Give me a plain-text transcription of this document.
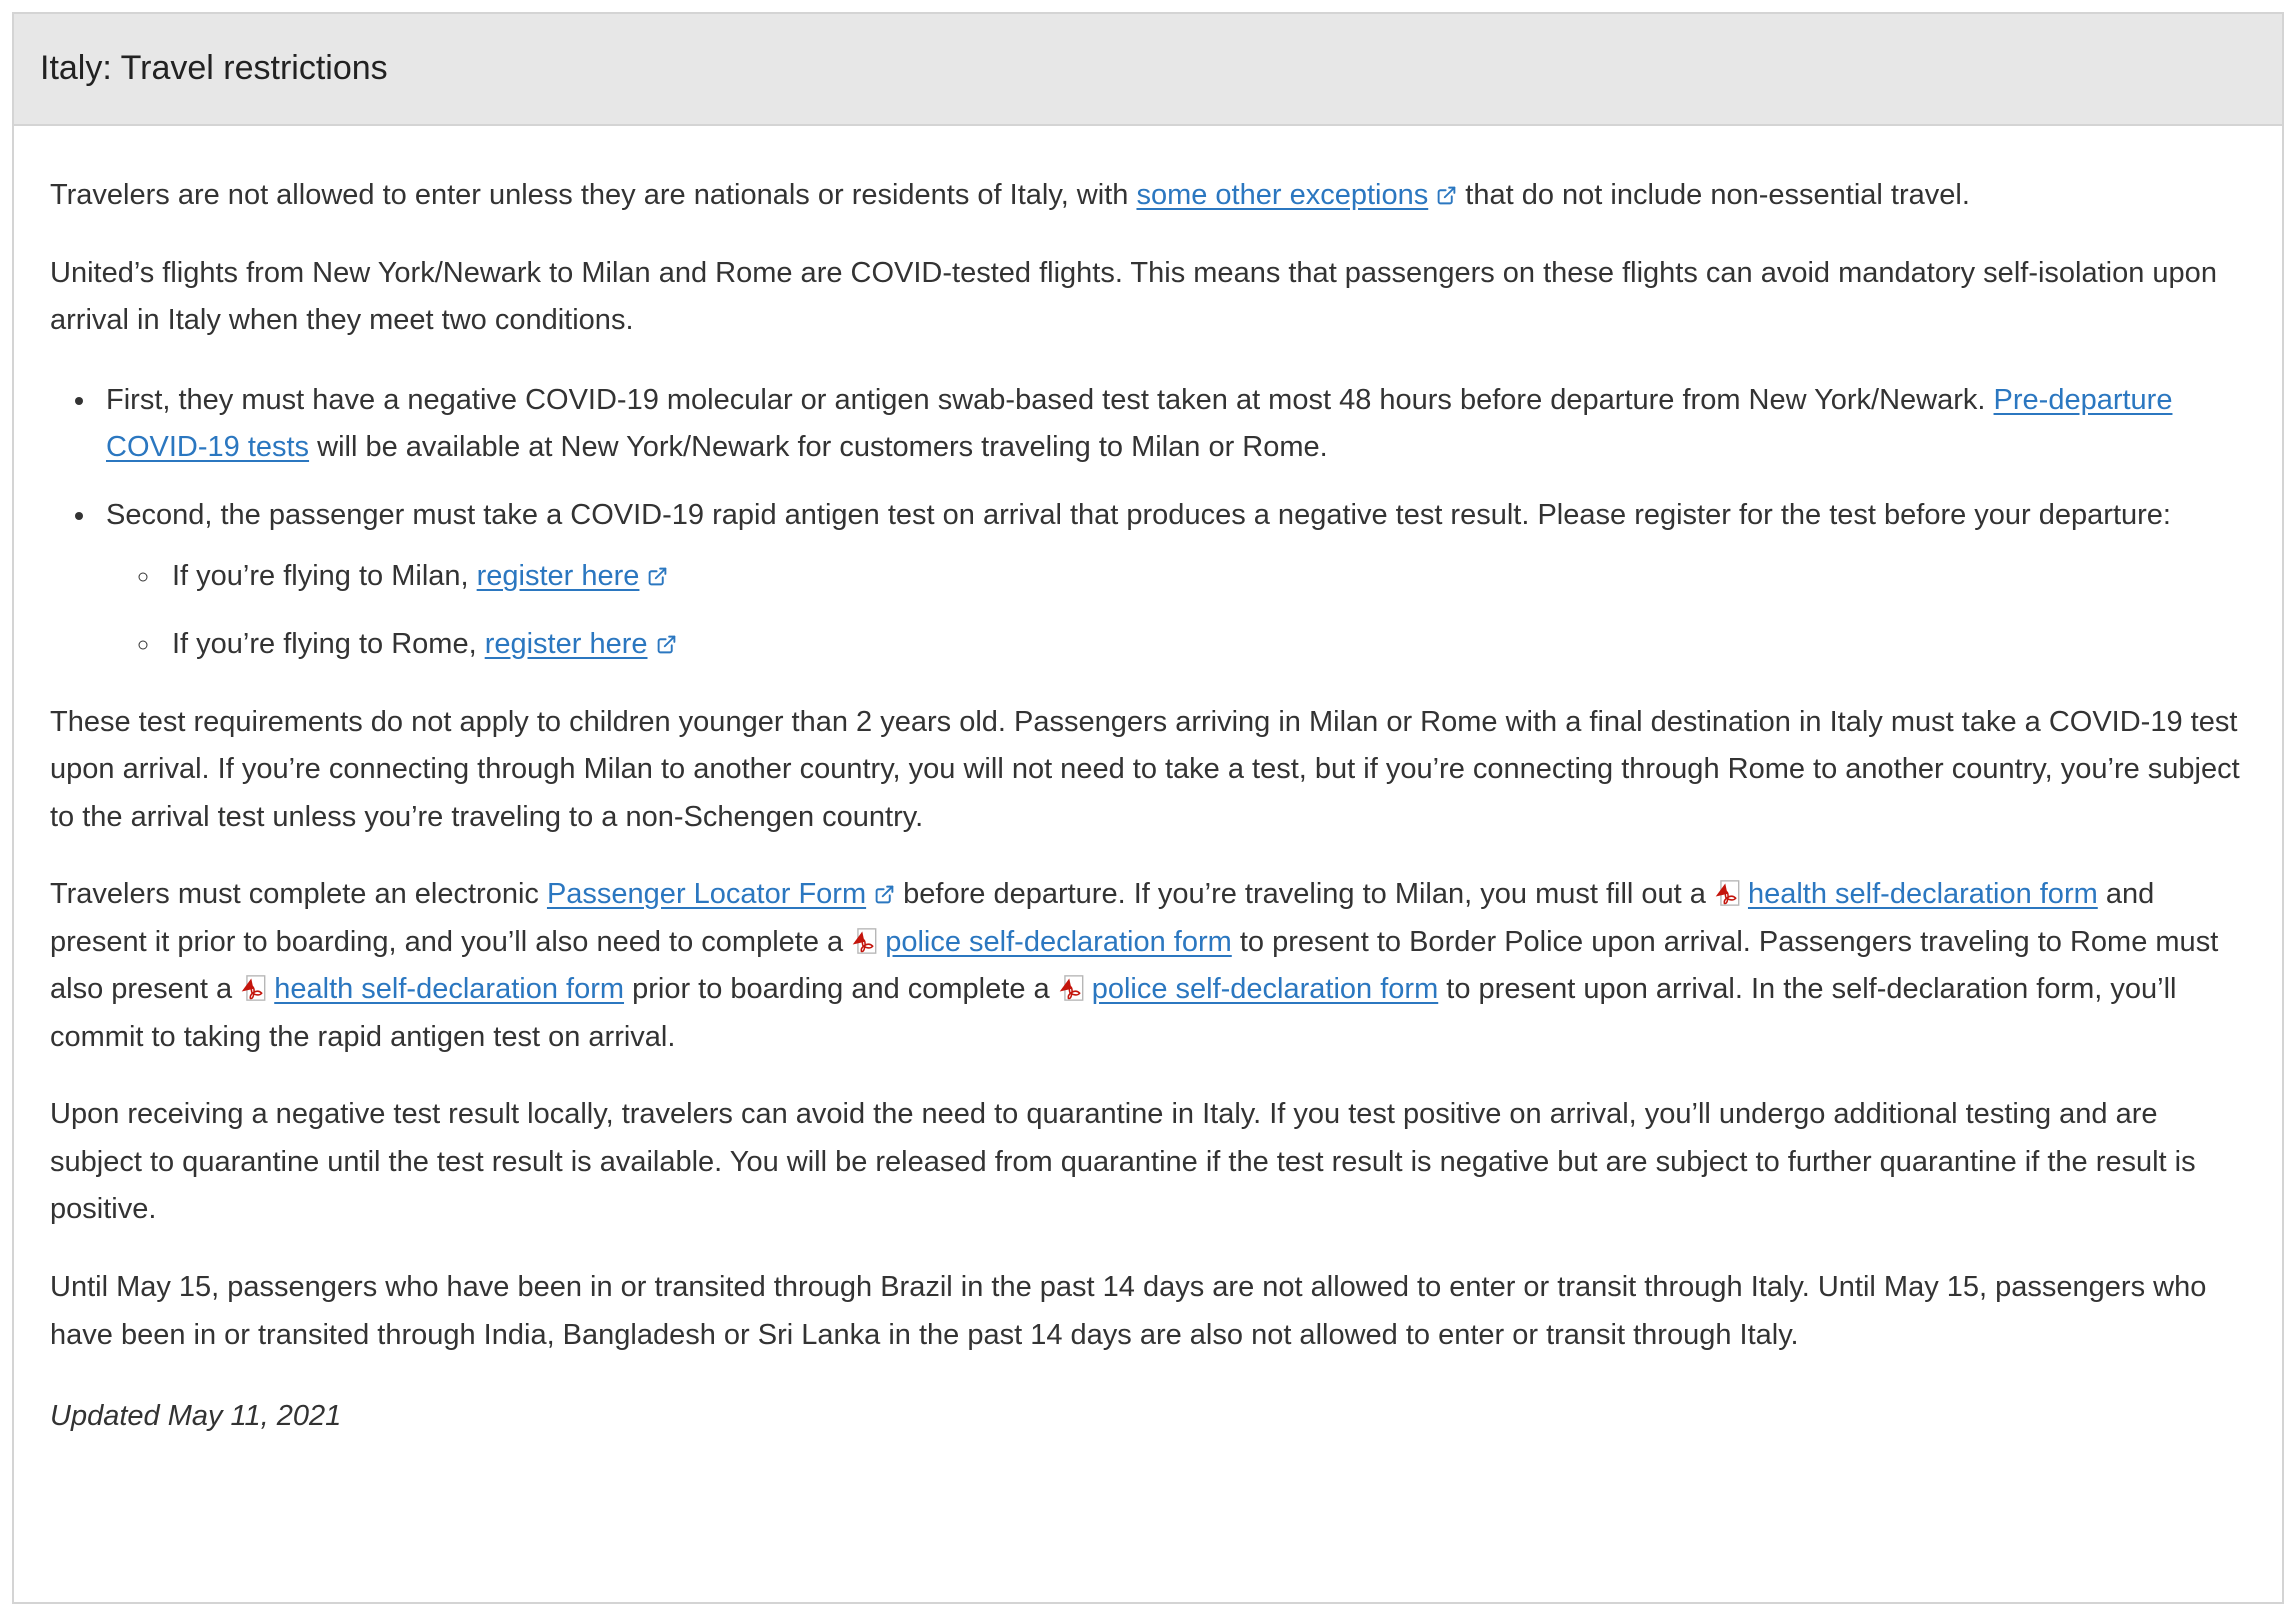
Italy: Travel restrictions

Travelers are not allowed to enter unless they are nationals or residents of Italy, with some other exceptions that do not include non-essential travel.

United’s flights from New York/Newark to Milan and Rome are COVID-tested flights. This means that passengers on these flights can avoid mandatory self-isolation upon arrival in Italy when they meet two conditions.

• First, they must have a negative COVID-19 molecular or antigen swab-based test taken at most 48 hours before departure from New York/Newark. Pre-departure COVID-19 tests will be available at New York/Newark for customers traveling to Milan or Rome.
• Second, the passenger must take a COVID-19 rapid antigen test on arrival that produces a negative test result. Please register for the test before your departure:
◦ If you’re flying to Milan, register here
◦ If you’re flying to Rome, register here

These test requirements do not apply to children younger than 2 years old. Passengers arriving in Milan or Rome with a final destination in Italy must take a COVID-19 test upon arrival. If you’re connecting through Milan to another country, you will not need to take a test, but if you’re connecting through Rome to another country, you’re subject to the arrival test unless you’re traveling to a non-Schengen country.

Travelers must complete an electronic Passenger Locator Form before departure. If you’re traveling to Milan, you must fill out a health self-declaration form and present it prior to boarding, and you’ll also need to complete a police self-declaration form to present to Border Police upon arrival. Passengers traveling to Rome must also present a health self-declaration form prior to boarding and complete a police self-declaration form to present upon arrival. In the self-declaration form, you’ll commit to taking the rapid antigen test on arrival.

Upon receiving a negative test result locally, travelers can avoid the need to quarantine in Italy. If you test positive on arrival, you’ll undergo additional testing and are subject to quarantine until the test result is available. You will be released from quarantine if the test result is negative but are subject to further quarantine if the result is positive.

Until May 15, passengers who have been in or transited through Brazil in the past 14 days are not allowed to enter or transit through Italy. Until May 15, passengers who have been in or transited through India, Bangladesh or Sri Lanka in the past 14 days are also not allowed to enter or transit through Italy.

Updated May 11, 2021
